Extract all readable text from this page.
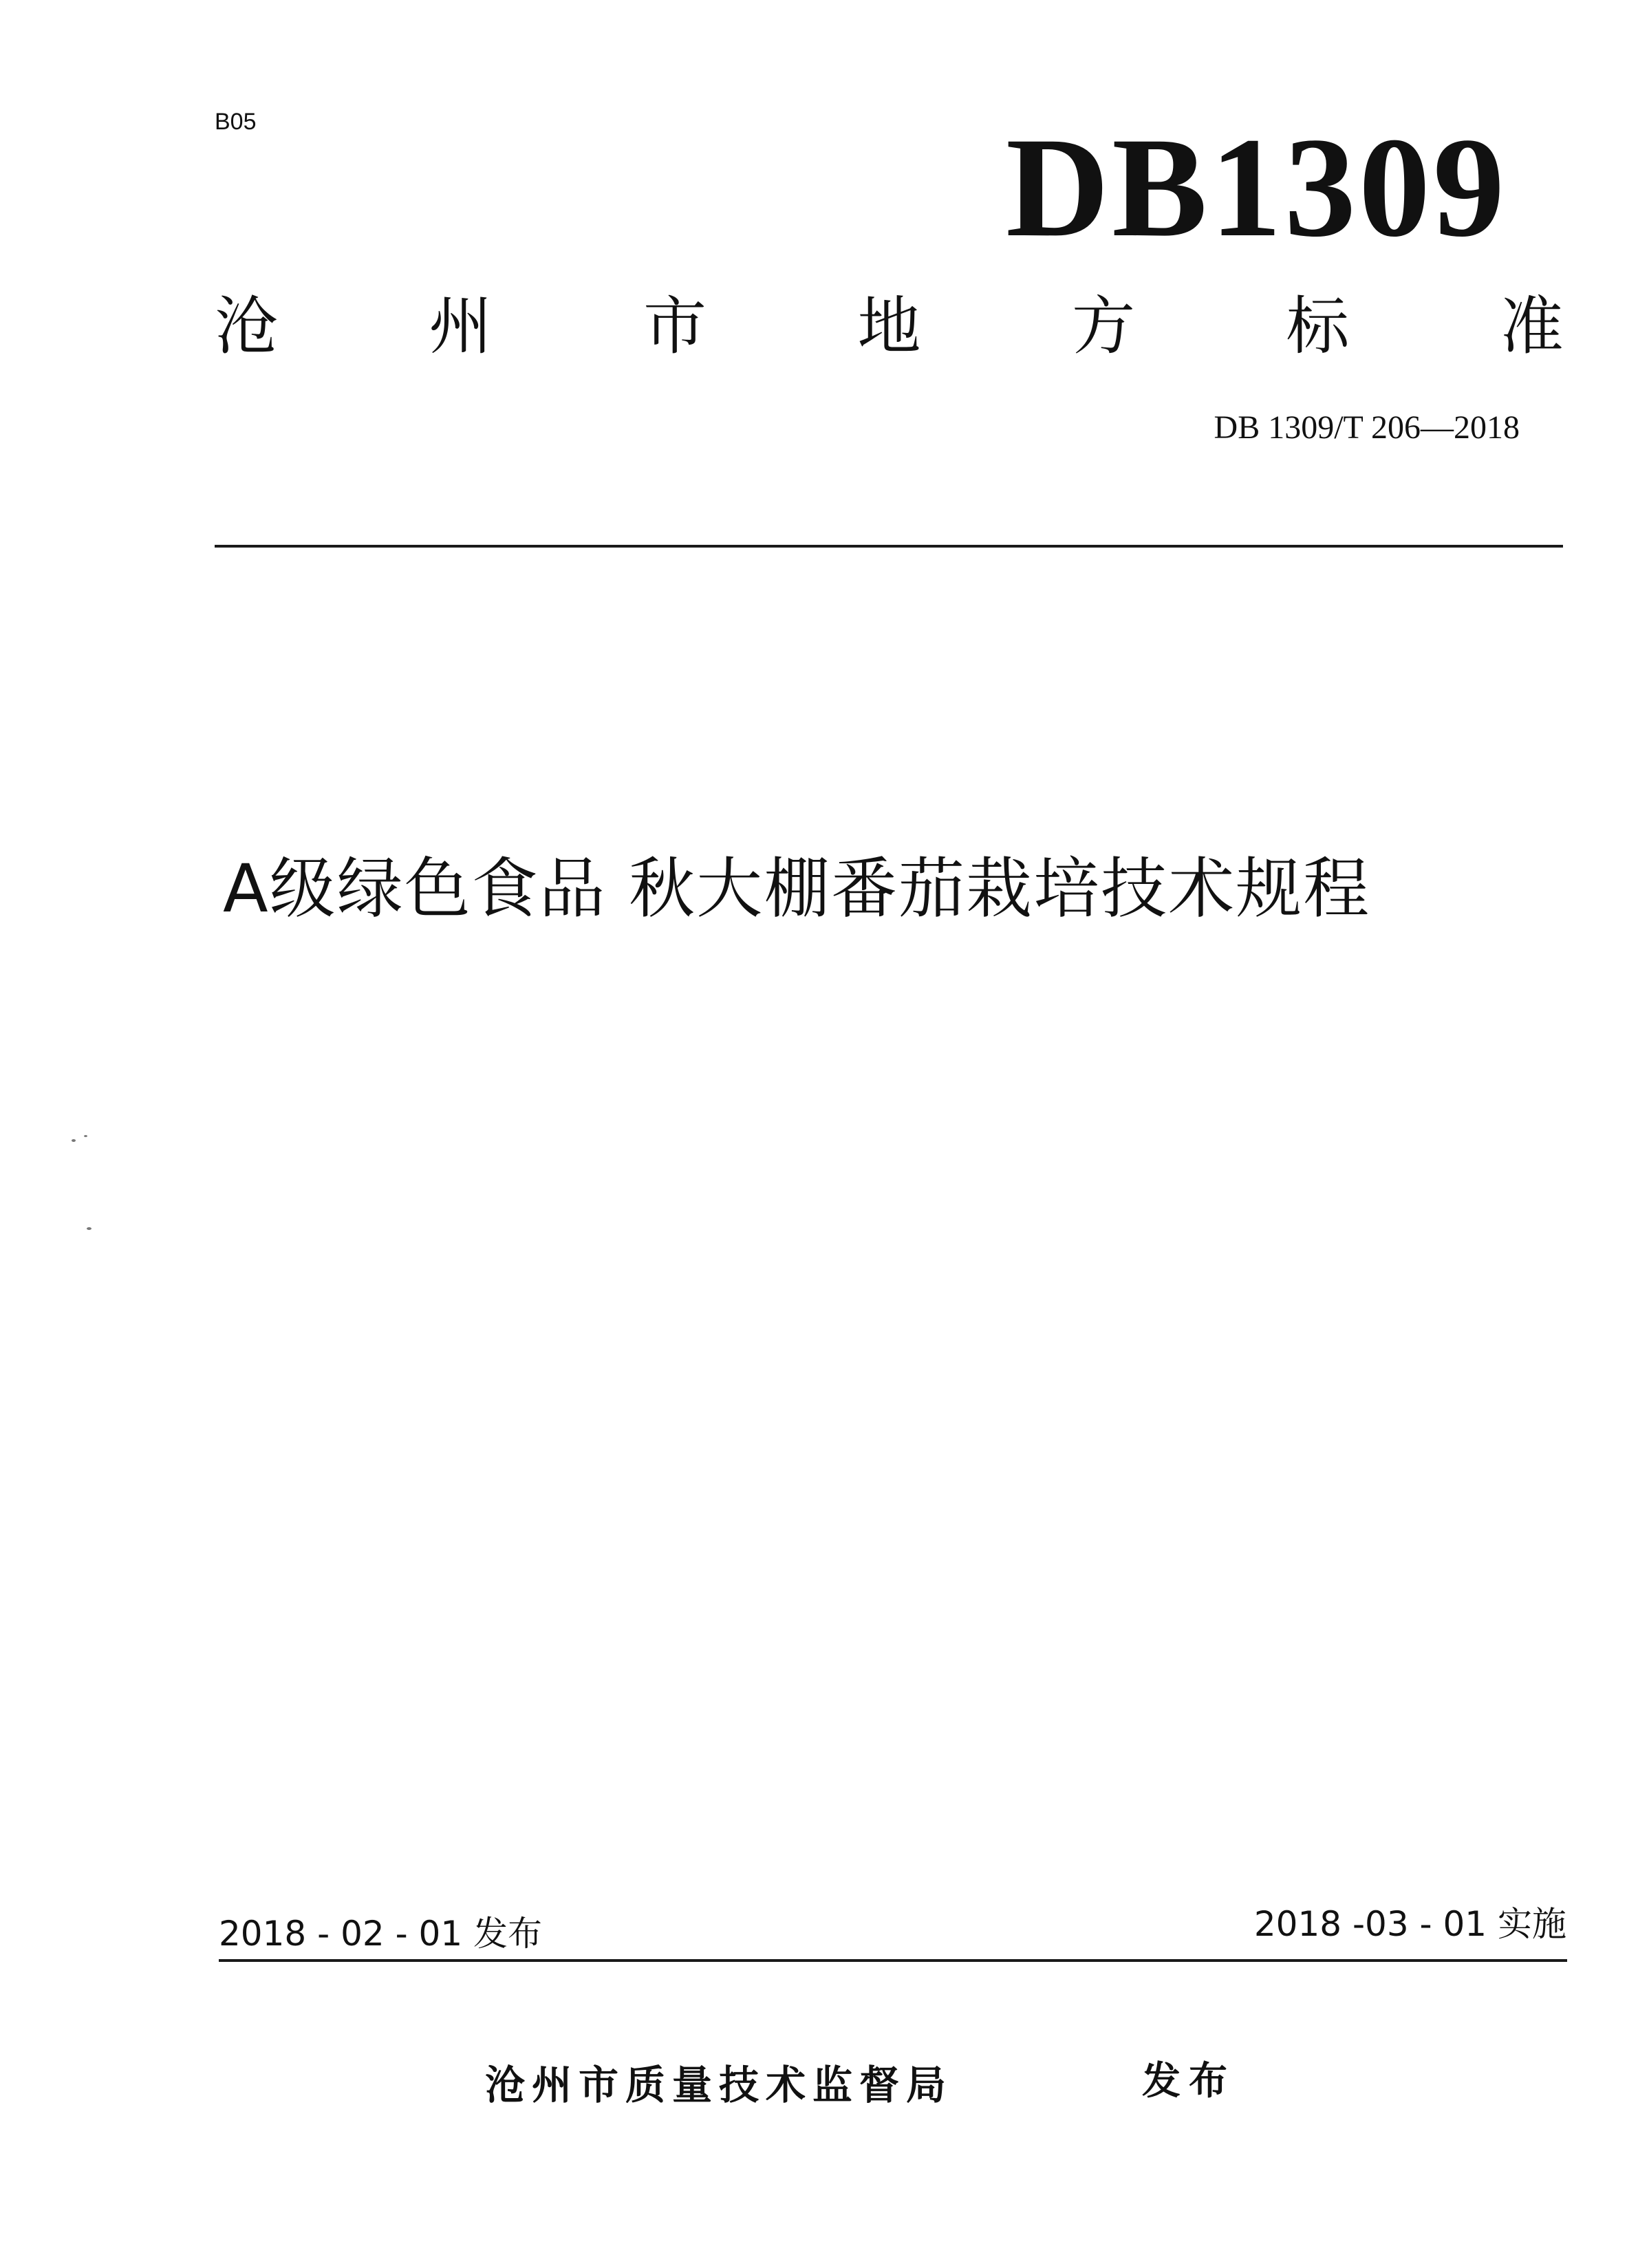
B05	DB1309
沧 州 市 地 方 标 准
DB 1309/T 206—2018
A级绿色食品 秋大棚番茄栽培技术规程
2018 - 02 - 01 发布	2018 -03 - 01 实施
沧州市质量技术监督局	发布
